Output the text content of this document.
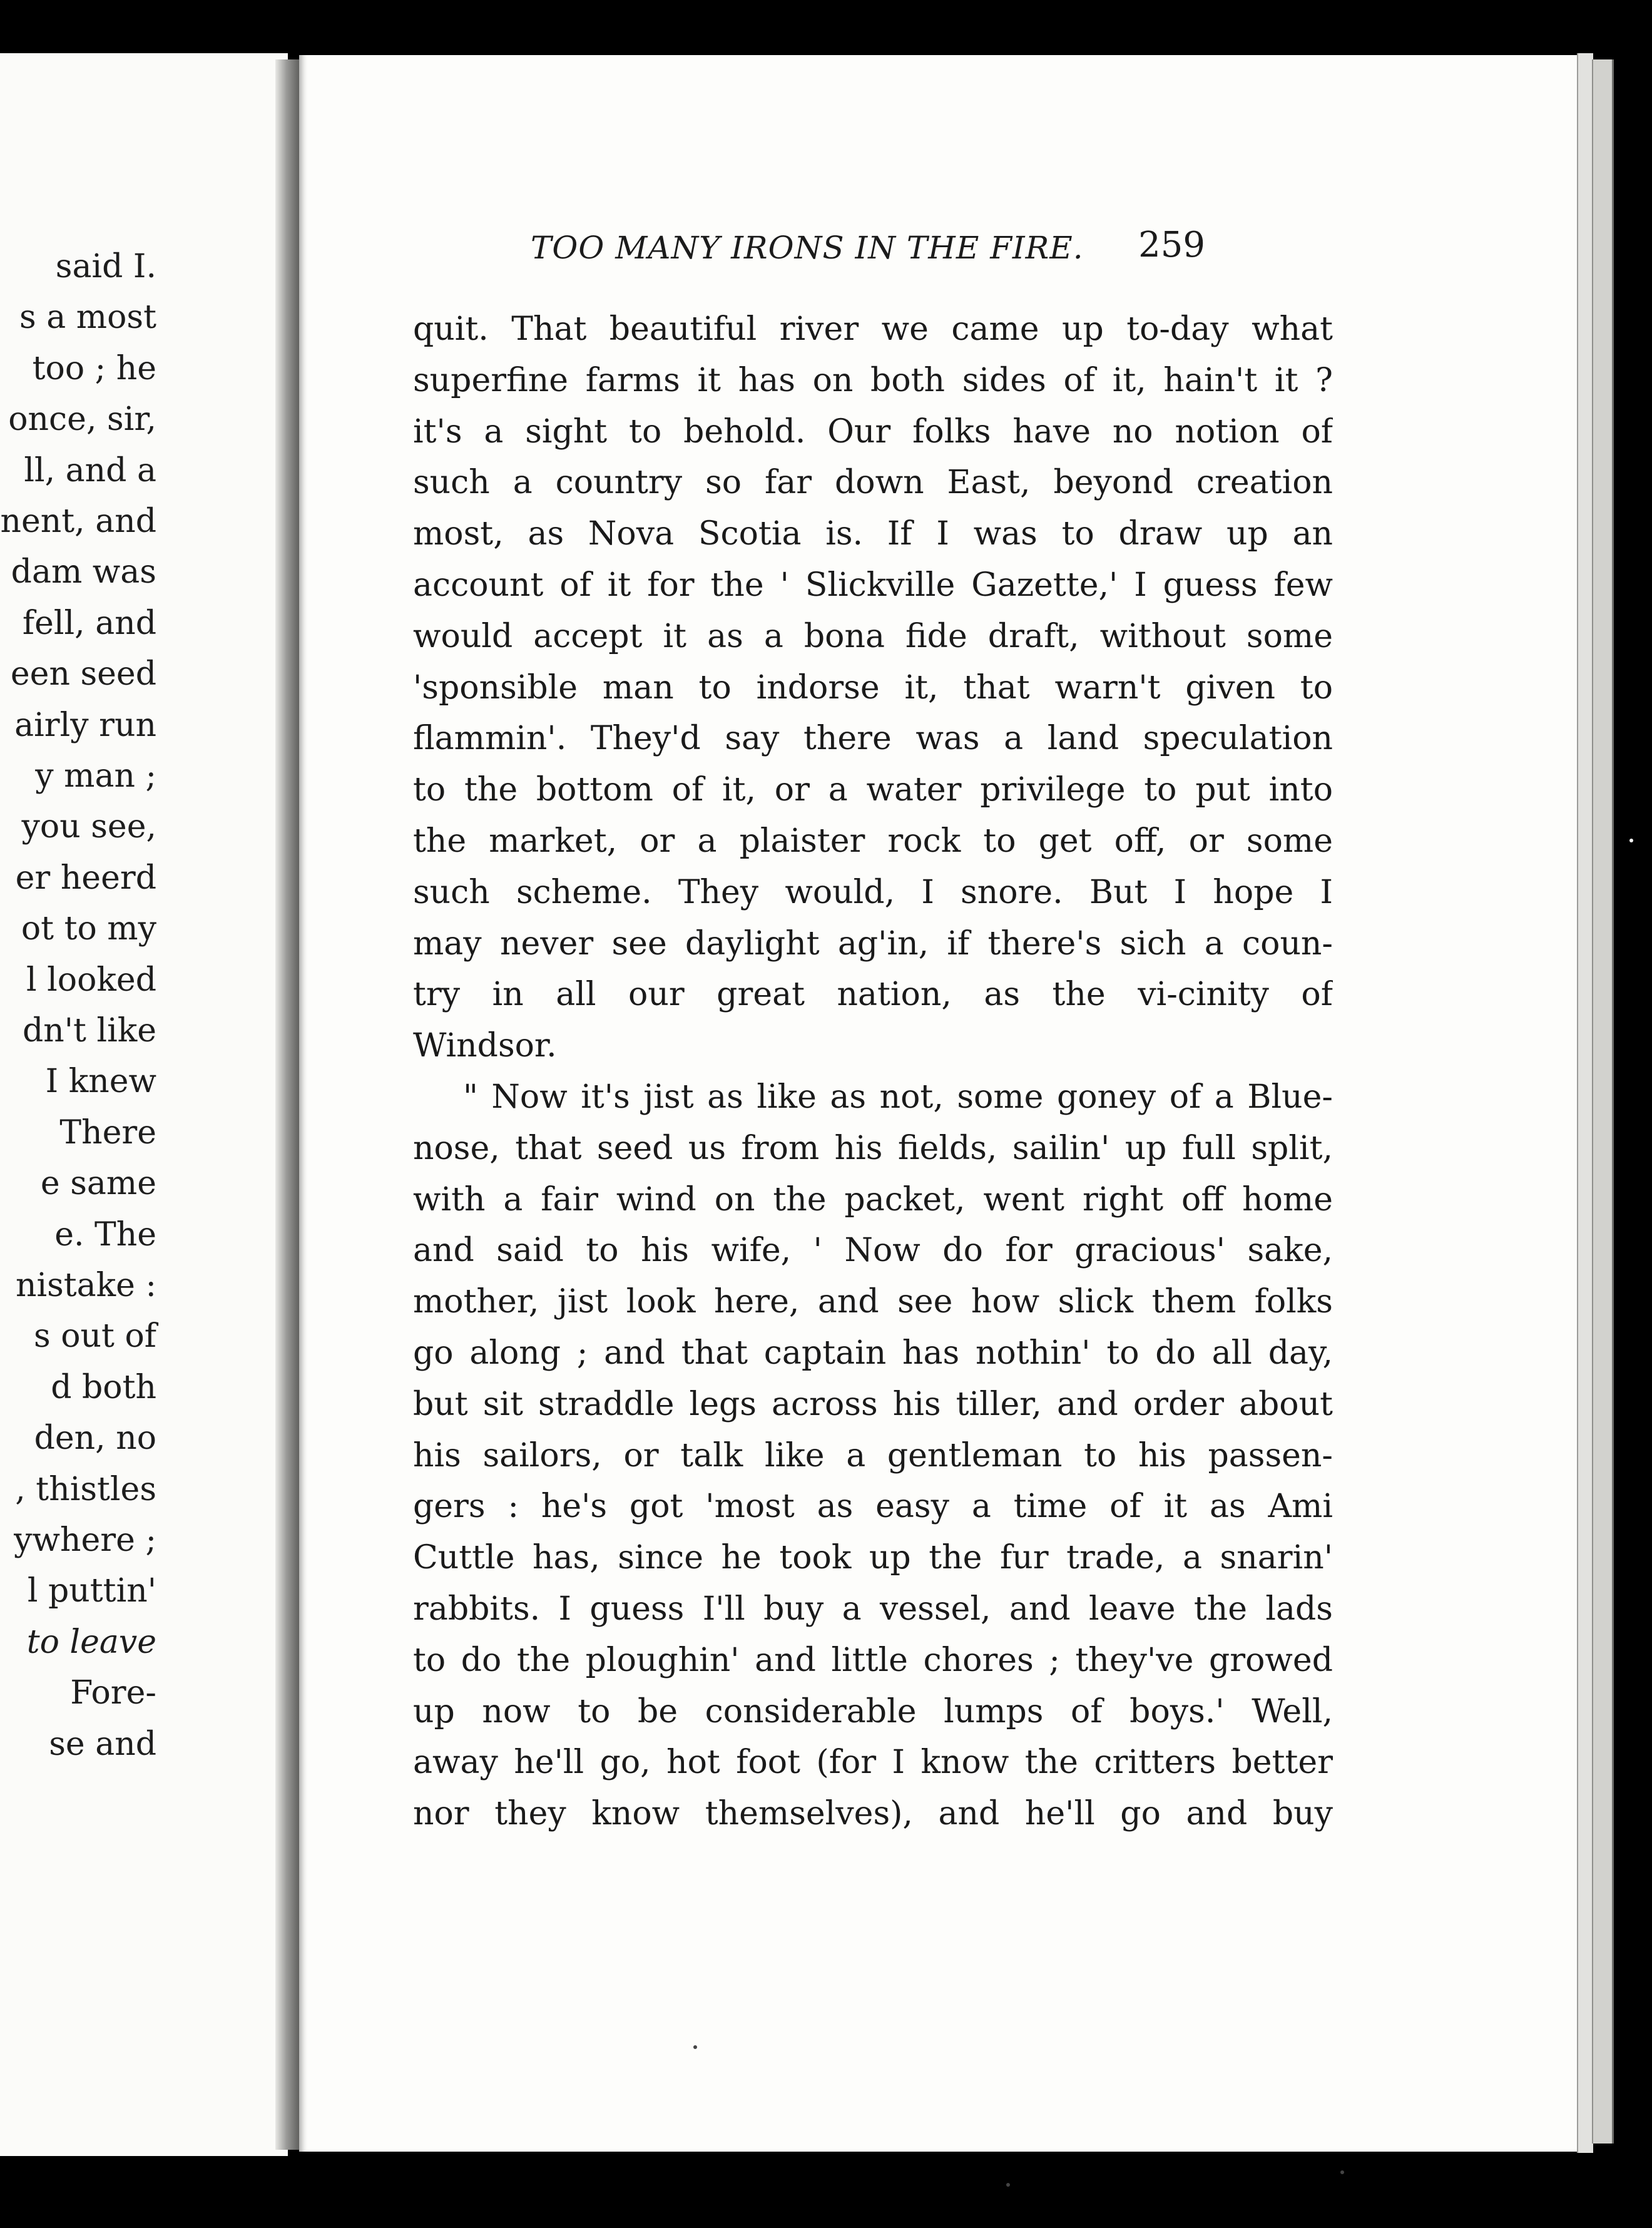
said I.
s a most
too ; he
once, sir,
ll, and a
nent, and
dam was
fell, and
een seed
airly run
y man ;
you see,
er heerd
ot to my
l looked
dn't like
I knew
There
e same
e. The
nistake :
s out of
d both
den, no
, thistles
ywhere ;
l puttin'
to leave
Fore-
se and
TOO MANY IRONS IN THE FIRE. 259
quit. That beautiful river we came up to-day what
superfine farms it has on both sides of it, hain't it ?
it's a sight to behold. Our folks have no notion of
such a country so far down East, beyond creation
most, as Nova Scotia is. If I was to draw up an
account of it for the ' Slickville Gazette,' I guess few
would accept it as a bona fide draft, without some
'sponsible man to indorse it, that warn't given to
flammin'. They'd say there was a land speculation
to the bottom of it, or a water privilege to put into
the market, or a plaister rock to get off, or some
such scheme. They would, I snore. But I hope I
may never see daylight ag'in, if there's sich a coun-
try in all our great nation, as the vi-cinity of
Windsor.
" Now it's jist as like as not, some goney of a Blue-
nose, that seed us from his fields, sailin' up full split,
with a fair wind on the packet, went right off home
and said to his wife, ' Now do for gracious' sake,
mother, jist look here, and see how slick them folks
go along ; and that captain has nothin' to do all day,
but sit straddle legs across his tiller, and order about
his sailors, or talk like a gentleman to his passen-
gers : he's got 'most as easy a time of it as Ami
Cuttle has, since he took up the fur trade, a snarin'
rabbits. I guess I'll buy a vessel, and leave the lads
to do the ploughin' and little chores ; they've growed
up now to be considerable lumps of boys.' Well,
away he'll go, hot foot (for I know the critters better
nor they know themselves), and he'll go and buy
